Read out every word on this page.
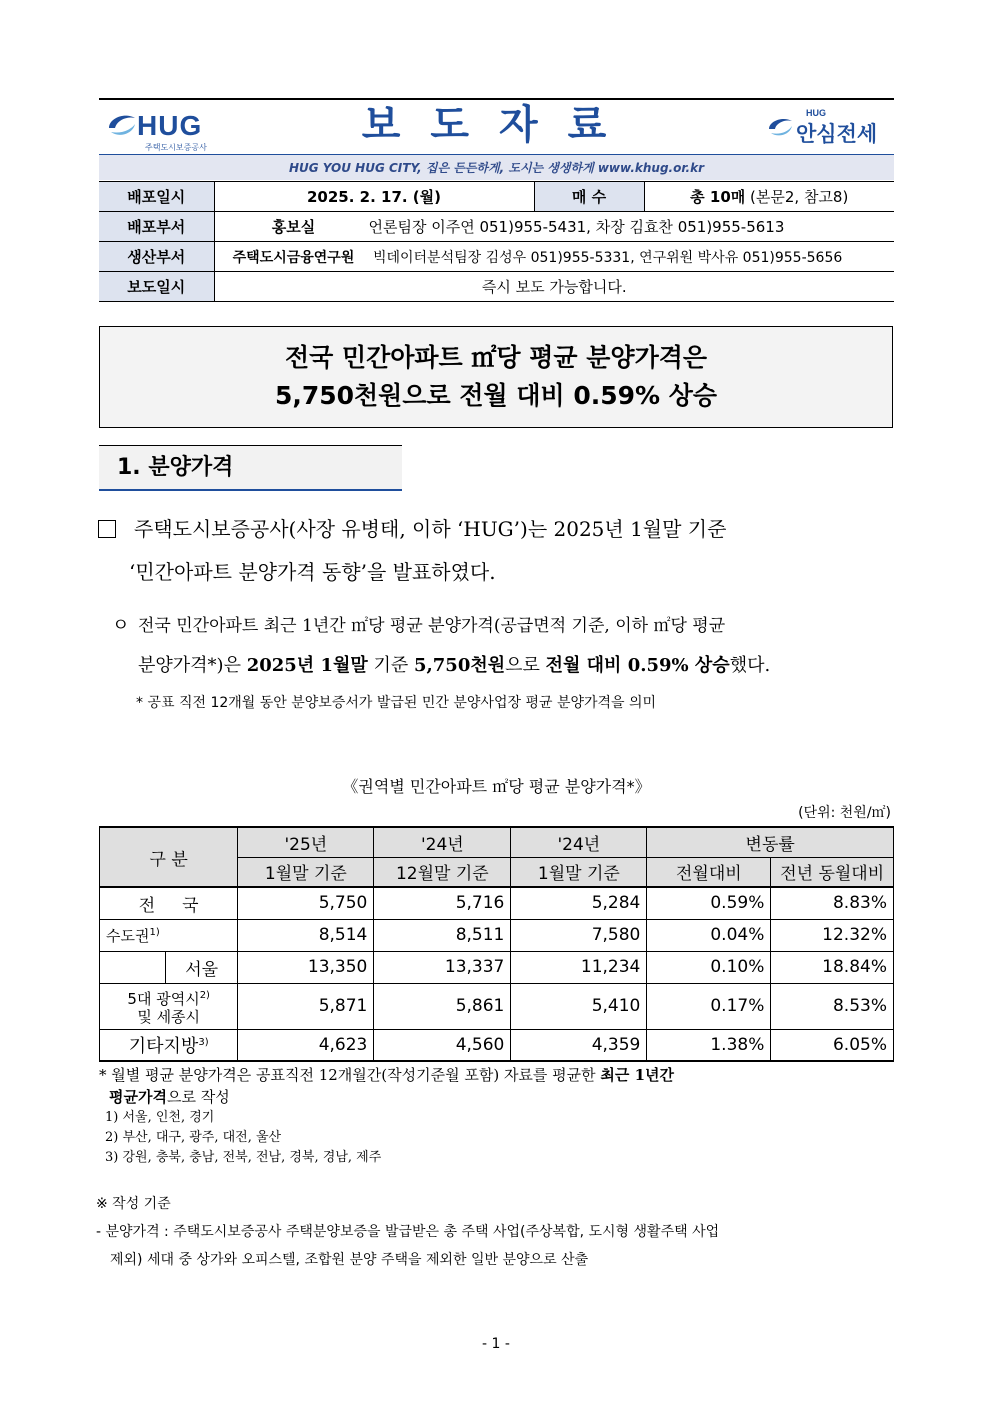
HUG
주택도시보증공사	보도자료	HUG
안심전세
HUG YOU HUG CITY, 집은 든든하게, 도시는 생생하게 www.khug.or.kr
배포일시	2025. 2. 17. (월)	매 수	총 10매 (본문2, 참고8)
배포부서	홍보실 언론팀장 이주연 051)955-5431, 차장 김효찬 051)955-5613		
생산부서	주택도시금융연구원 빅데이터분석팀장 김성우 051)955-5331, 연구위원 박사유 051)955-5656		
보도일시	즉시 보도 가능합니다.		
전국 민간아파트 ㎡당 평균 분양가격은
5,750천원으로 전월 대비 0.59% 상승
1. 분양가격
주택도시보증공사(사장 유병태, 이하 ‘HUG’)는 2025년 1월말 기준
‘민간아파트 분양가격 동향’을 발표하였다.
ㅇ 전국 민간아파트 최근 1년간 ㎡당 평균 분양가격(공급면적 기준, 이하 ㎡당 평균
분양가격*)은 2025년 1월말 기준 5,750천원으로 전월 대비 0.59% 상승했다.
* 공표 직전 12개월 동안 분양보증서가 발급된 민간 분양사업장 평균 분양가격을 의미
《권역별 민간아파트 ㎡당 평균 분양가격*》
(단위: 천원/㎡)
구 분		'25년	'24년	'24년	변동률	
		1월말 기준	12월말 기준	1월말 기준	전월대비	전년 동월대비
전     국		5,750	5,716	5,284	0.59%	8.83%
수도권$^{1)}$		8,514	8,511	7,580	0.04%	12.32%
	서울	13,350	13,337	11,234	0.10%	18.84%
5대 광역시$^{2)}$
및 세종시		5,871	5,861	5,410	0.17%	8.53%
기타지방$^{3)}$		4,623	4,560	4,359	1.38%	6.05%
* 월별 평균 분양가격은 공표직전 12개월간(작성기준월 포함) 자료를 평균한 최근 1년간
평균가격으로 작성
1) 서울, 인천, 경기
2) 부산, 대구, 광주, 대전, 울산
3) 강원, 충북, 충남, 전북, 전남, 경북, 경남, 제주
※ 작성 기준
- 분양가격 : 주택도시보증공사 주택분양보증을 발급받은 총 주택 사업(주상복합, 도시형 생활주택 사업
제외) 세대 중 상가와 오피스텔, 조합원 분양 주택을 제외한 일반 분양으로 산출
- 1 -
